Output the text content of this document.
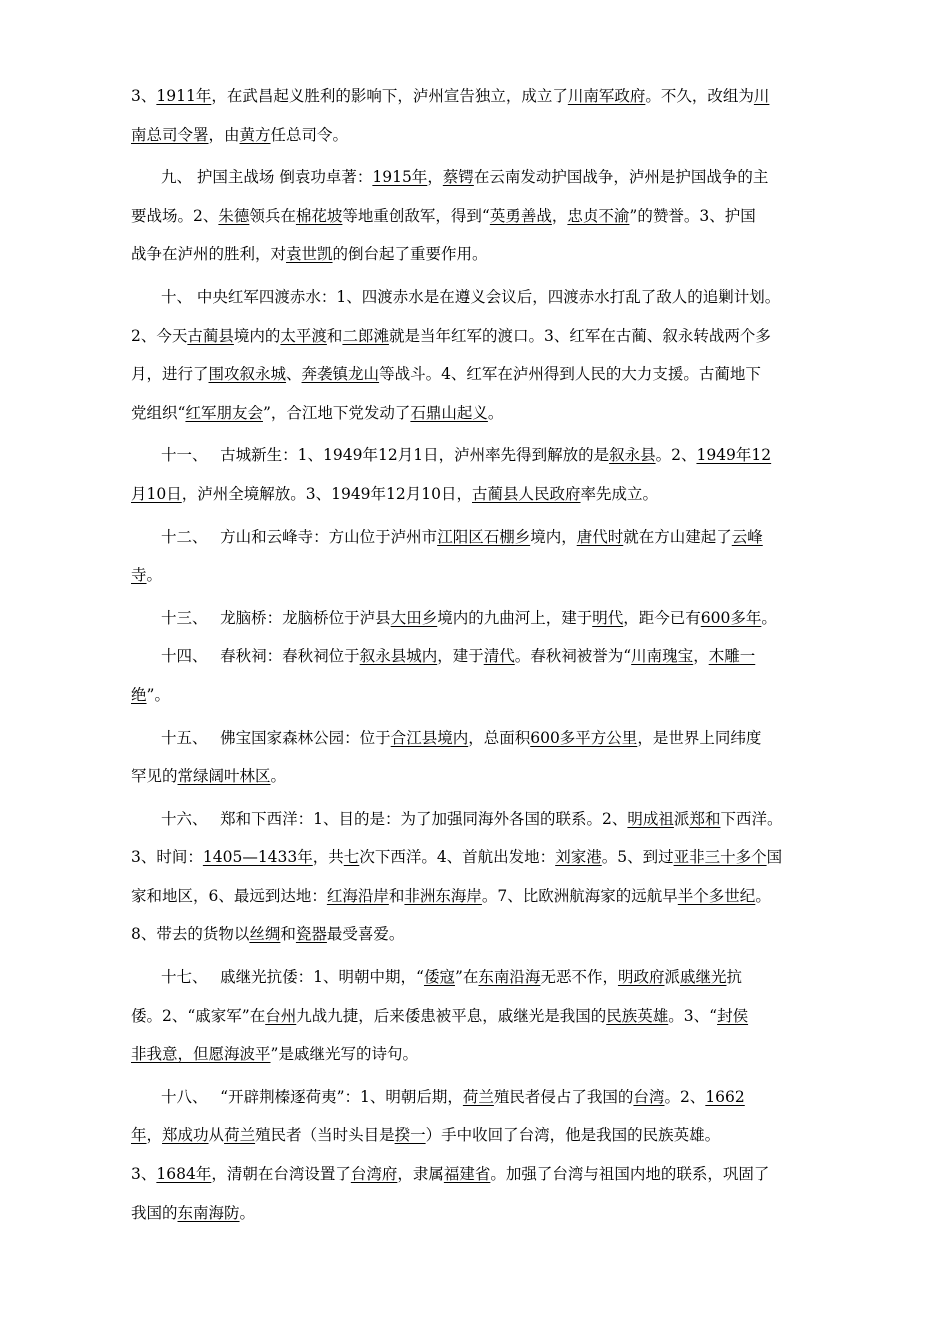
3、1911年，在武昌起义胜利的影响下，泸州宣告独立，成立了川南军政府。不久，改组为川
南总司令署，由黄方任总司令。
九、 护国主战场 倒袁功卓著：1915年，蔡锷在云南发动护国战争，泸州是护国战争的主
要战场。2、朱德领兵在棉花坡等地重创敌军，得到“英勇善战，忠贞不渝”的赞誉。3、护国
战争在泸州的胜利，对袁世凯的倒台起了重要作用。
十、 中央红军四渡赤水：1、四渡赤水是在遵义会议后，四渡赤水打乱了敌人的追剿计划。
2、今天古蔺县境内的太平渡和二郎滩就是当年红军的渡口。3、红军在古蔺、叙永转战两个多
月，进行了围攻叙永城、奔袭镇龙山等战斗。4、红军在泸州得到人民的大力支援。古蔺地下
党组织“红军朋友会”，合江地下党发动了石鼎山起义。
十一、　 古城新生：1、1949年12月1日，泸州率先得到解放的是叙永县。2、1949年12
月10日，泸州全境解放。3、1949年12月10日，古蔺县人民政府率先成立。
十二、　 方山和云峰寺：方山位于泸州市江阳区石棚乡境内，唐代时就在方山建起了云峰
寺。
十三、　 龙脑桥：龙脑桥位于泸县大田乡境内的九曲河上，建于明代，距今已有600多年。
十四、　 春秋祠：春秋祠位于叙永县城内，建于清代。春秋祠被誉为“川南瑰宝，木雕一
绝”。
十五、　 佛宝国家森林公园：位于合江县境内，总面积600多平方公里，是世界上同纬度
罕见的常绿阔叶林区。
十六、　 郑和下西洋：1、目的是：为了加强同海外各国的联系。2、明成祖派郑和下西洋。
3、时间：1405—1433年，共七次下西洋。4、首航出发地：刘家港。5、到过亚非三十多个国
家和地区，6、最远到达地：红海沿岸和非洲东海岸。7、比欧洲航海家的远航早半个多世纪。
8、带去的货物以丝绸和瓷器最受喜爱。
十七、　 戚继光抗倭：1、明朝中期，“倭寇”在东南沿海无恶不作，明政府派戚继光抗
倭。2、“戚家军”在台州九战九捷，后来倭患被平息，戚继光是我国的民族英雄。3、“封侯
非我意，但愿海波平”是戚继光写的诗句。
十八、　 “开辟荆榛逐荷夷”：1、明朝后期，荷兰殖民者侵占了我国的台湾。2、1662
年，郑成功从荷兰殖民者（当时头目是揆一）手中收回了台湾，他是我国的民族英雄。
3、1684年，清朝在台湾设置了台湾府，隶属福建省。加强了台湾与祖国内地的联系，巩固了
我国的东南海防。
